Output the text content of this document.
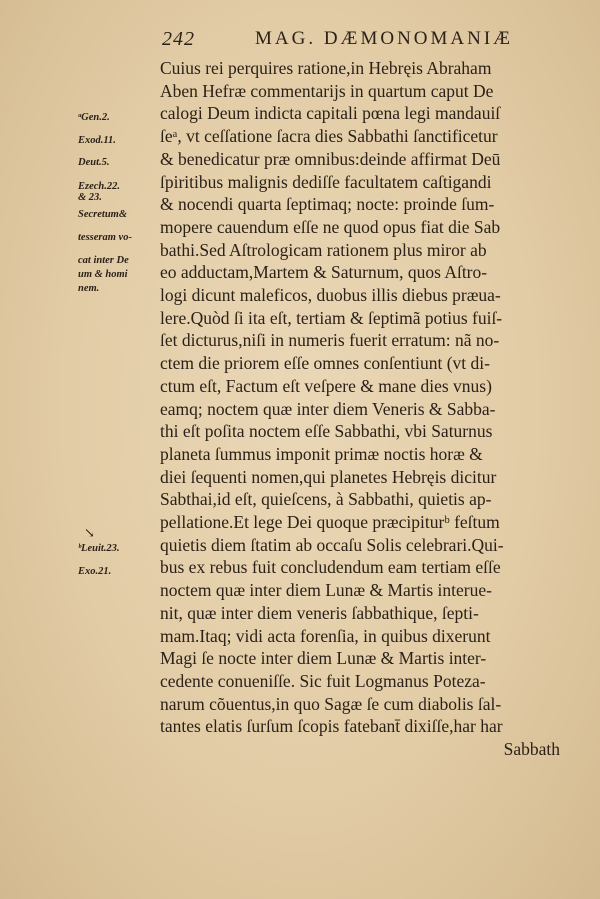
242	MAG. DÆMONOMANIÆ
ᵃGen.2.
Exod.11.
Deut.5.
Ezech.22.
& 23.
Secretum&
tesseram vo-
cat inter De
um & homi
nem.
↘
ᵇLeuit.23.
Exo.21.
Cuius rei perquires ratione,in Hebręis Abraham
Aben Hefræ commentarijs in quartum caput De
calogi Deum indicta capitali pœna legi mandauiſ
ſeᵃ, vt ceſſatione ſacra dies Sabbathi ſanctificetur
& benedicatur præ omnibus:deinde affirmat Deū
ſpiritibus malignis dediſſe facultatem caſtigandi
& nocendi quarta ſeptimaq; nocte: proinde ſum-
mopere cauendum eſſe ne quod opus fiat die Sab
bathi.Sed Aſtrologicam rationem plus miror ab
eo adductam,Martem & Saturnum, quos Aſtro-
logi dicunt maleficos, duobus illis diebus præua-
lere.Quòd ſi ita eſt, tertiam & ſeptimã potius fuiſ-
ſet dicturus,niſi in numeris fuerit erratum: nã no-
ctem die priorem eſſe omnes conſentiunt (vt di-
ctum eſt, Factum eſt veſpere & mane dies vnus)
eamq; noctem quæ inter diem Veneris & Sabba-
thi eſt poſita noctem eſſe Sabbathi, vbi Saturnus
planeta ſummus imponit primæ noctis horæ &
diei ſequenti nomen,qui planetes Hebręis dicitur
Sabthai,id eſt, quieſcens, à Sabbathi, quietis ap-
pellatione.Et lege Dei quoque præcipiturᵇ feſtum
quietis diem ſtatim ab occaſu Solis celebrari.Qui-
bus ex rebus fuit concludendum eam tertiam eſſe
noctem quæ inter diem Lunæ & Martis interue-
nit, quæ inter diem veneris ſabbathique, ſepti-
mam.Itaq; vidi acta forenſia, in quibus dixerunt
Magi ſe nocte inter diem Lunæ & Martis inter-
cedente conueniſſe. Sic fuit Logmanus Poteza-
narum cõuentus,in quo Sagæ ſe cum diabolis ſal-
tantes elatis ſurſum ſcopis fatebant̄ dixiſſe,har har
Sabbath
